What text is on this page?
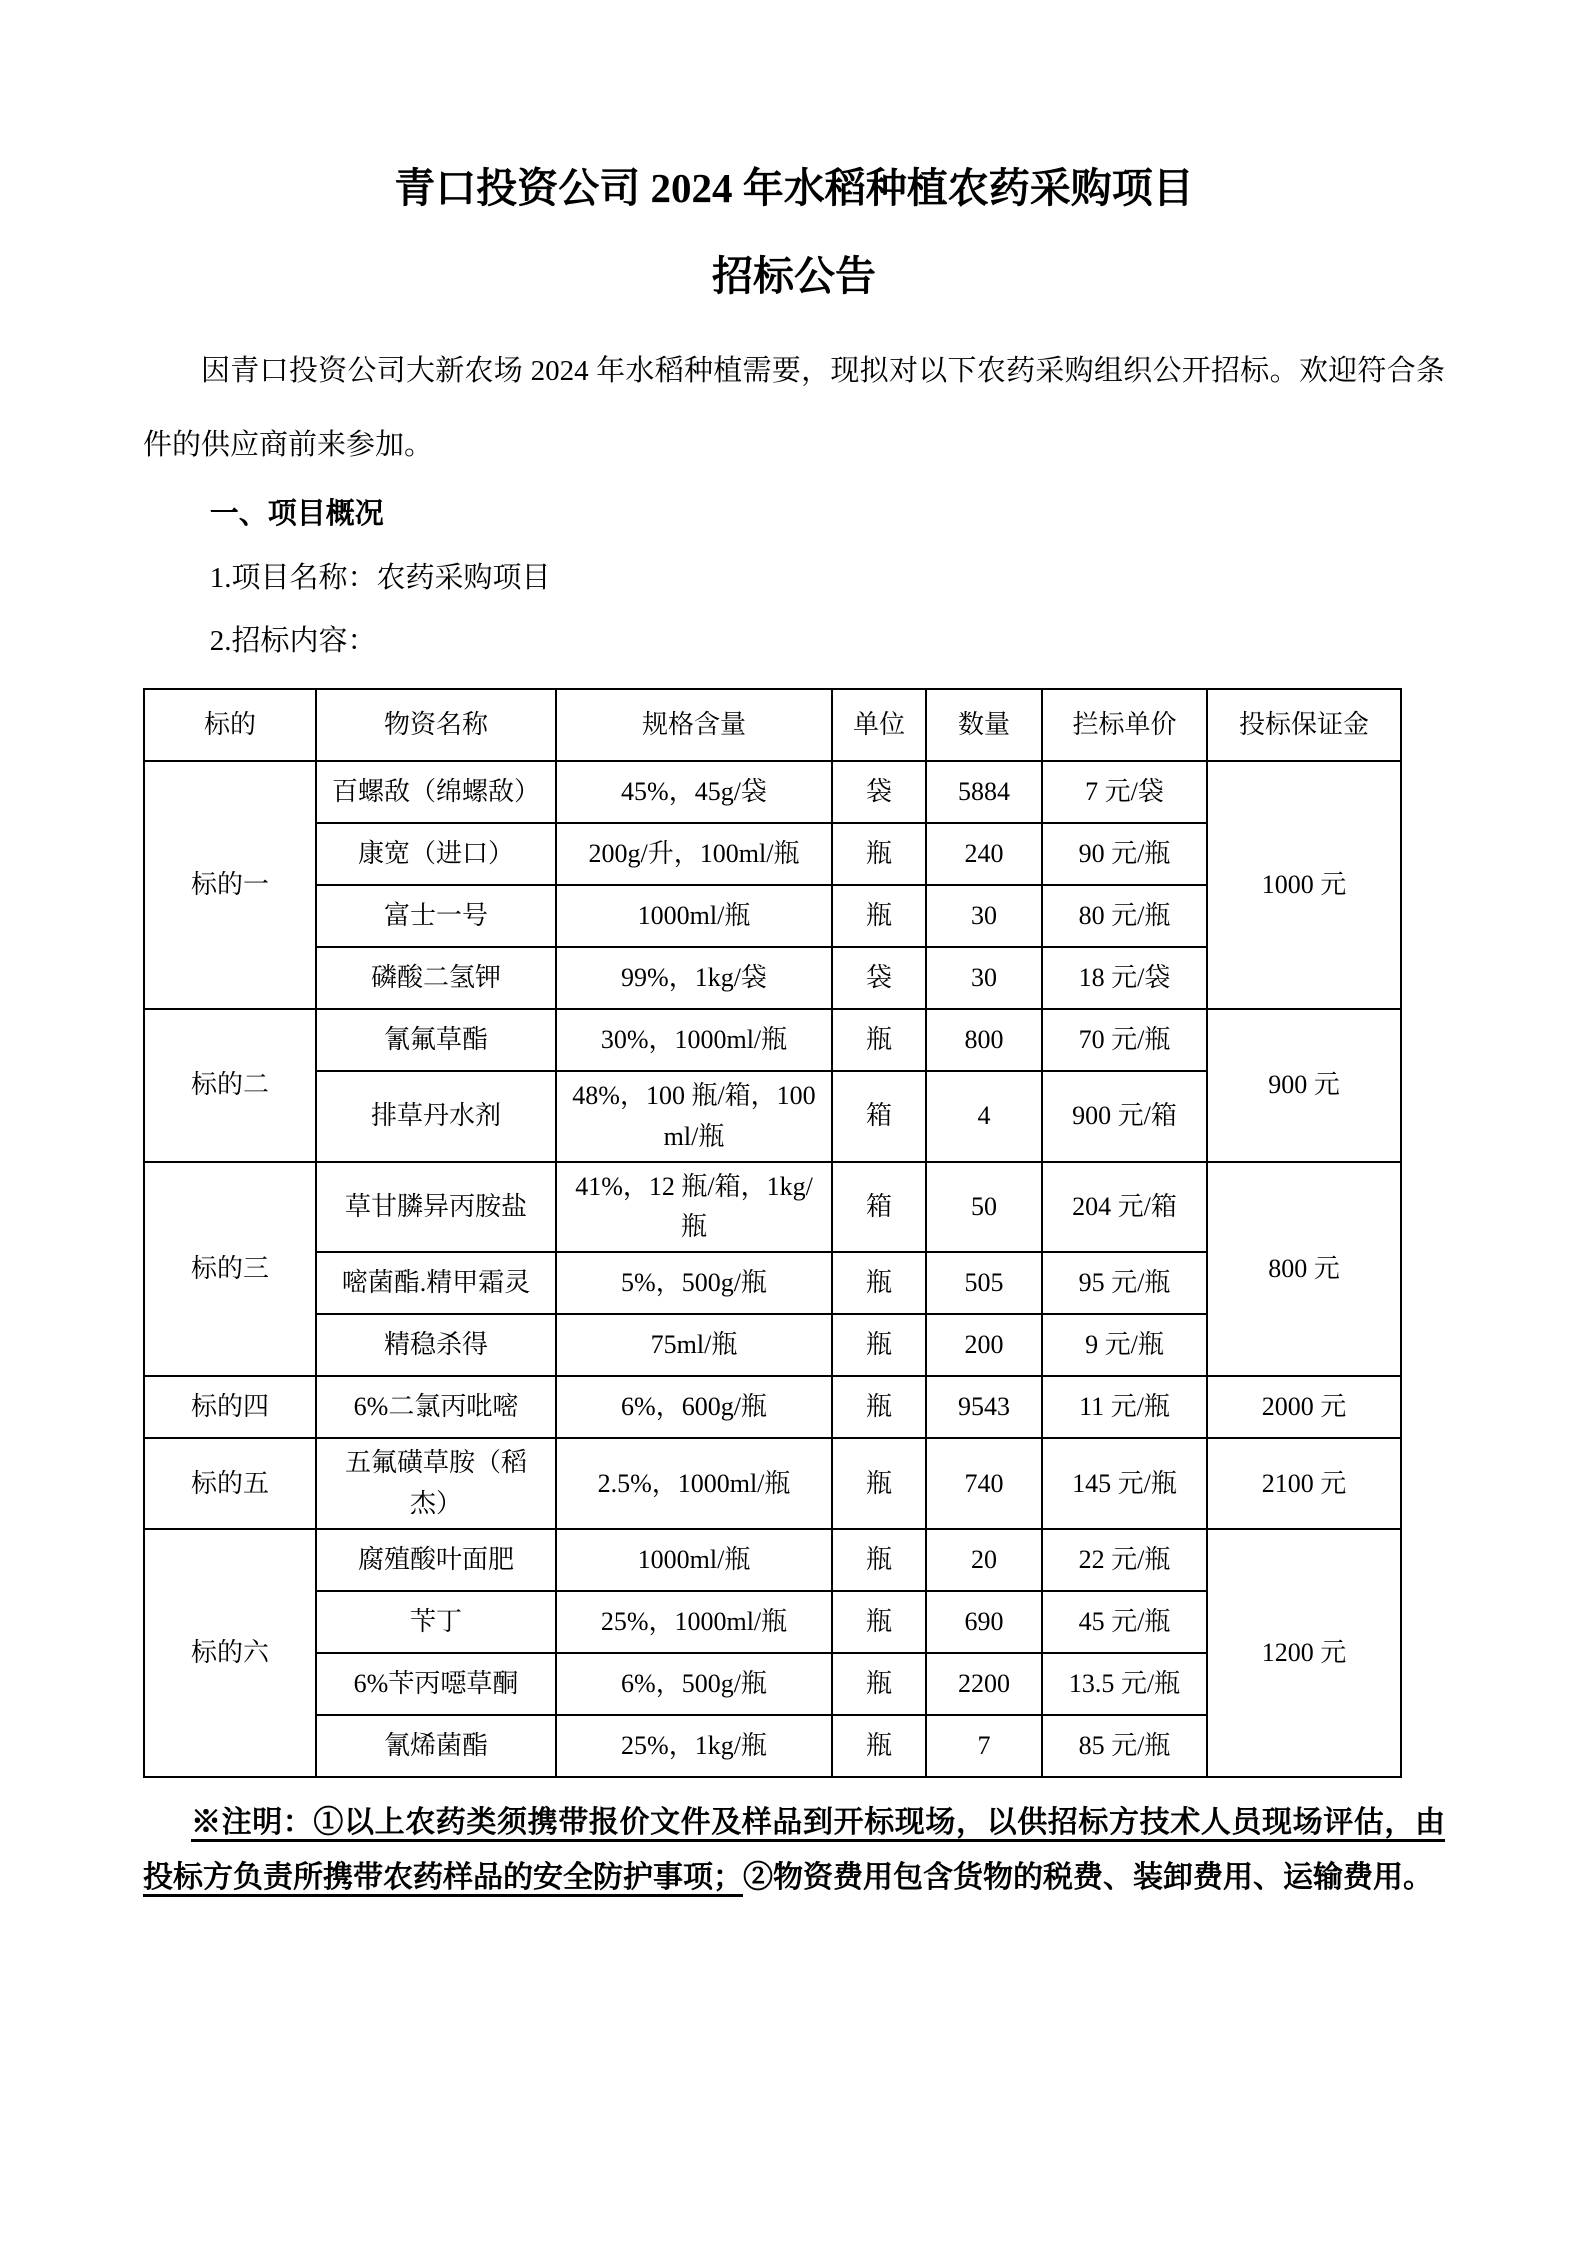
青口投资公司 2024 年水稻种植农药采购项目
招标公告

因青口投资公司大新农场 2024 年水稻种植需要，现拟对以下农药采购组织公开招标。欢迎符合条件的供应商前来参加。

一、项目概况

1.项目名称：农药采购项目

2.招标内容：

标的	物资名称	规格含量	单位	数量	拦标单价	投标保证金
标的一	百螺敌（绵螺敌）	45%，45g/袋	袋	5884	7 元/袋	1000 元
	康宽（进口）	200g/升，100ml/瓶	瓶	240	90 元/瓶	
	富士一号	1000ml/瓶	瓶	30	80 元/瓶	
	磷酸二氢钾	99%，1kg/袋	袋	30	18 元/袋	
标的二	氰氟草酯	30%，1000ml/瓶	瓶	800	70 元/瓶	900 元
	排草丹水剂	48%，100 瓶/箱，100ml/瓶	箱	4	900 元/箱	
标的三	草甘膦异丙胺盐	41%，12 瓶/箱，1kg/瓶	箱	50	204 元/箱	800 元
	嘧菌酯.精甲霜灵	5%，500g/瓶	瓶	505	95 元/瓶	
	精稳杀得	75ml/瓶	瓶	200	9 元/瓶	
标的四	6%二氯丙吡嘧	6%，600g/瓶	瓶	9543	11 元/瓶	2000 元
标的五	五氟磺草胺（稻杰）	2.5%，1000ml/瓶	瓶	740	145 元/瓶	2100 元
标的六	腐殖酸叶面肥	1000ml/瓶	瓶	20	22 元/瓶	1200 元
	苄丁	25%，1000ml/瓶	瓶	690	45 元/瓶	
	6%苄丙噁草酮	6%，500g/瓶	瓶	2200	13.5 元/瓶	
	氰烯菌酯	25%，1kg/瓶	瓶	7	85 元/瓶	

※注明：①以上农药类须携带报价文件及样品到开标现场，以供招标方技术人员现场评估，由投标方负责所携带农药样品的安全防护事项；②物资费用包含货物的税费、装卸费用、运输费用。
